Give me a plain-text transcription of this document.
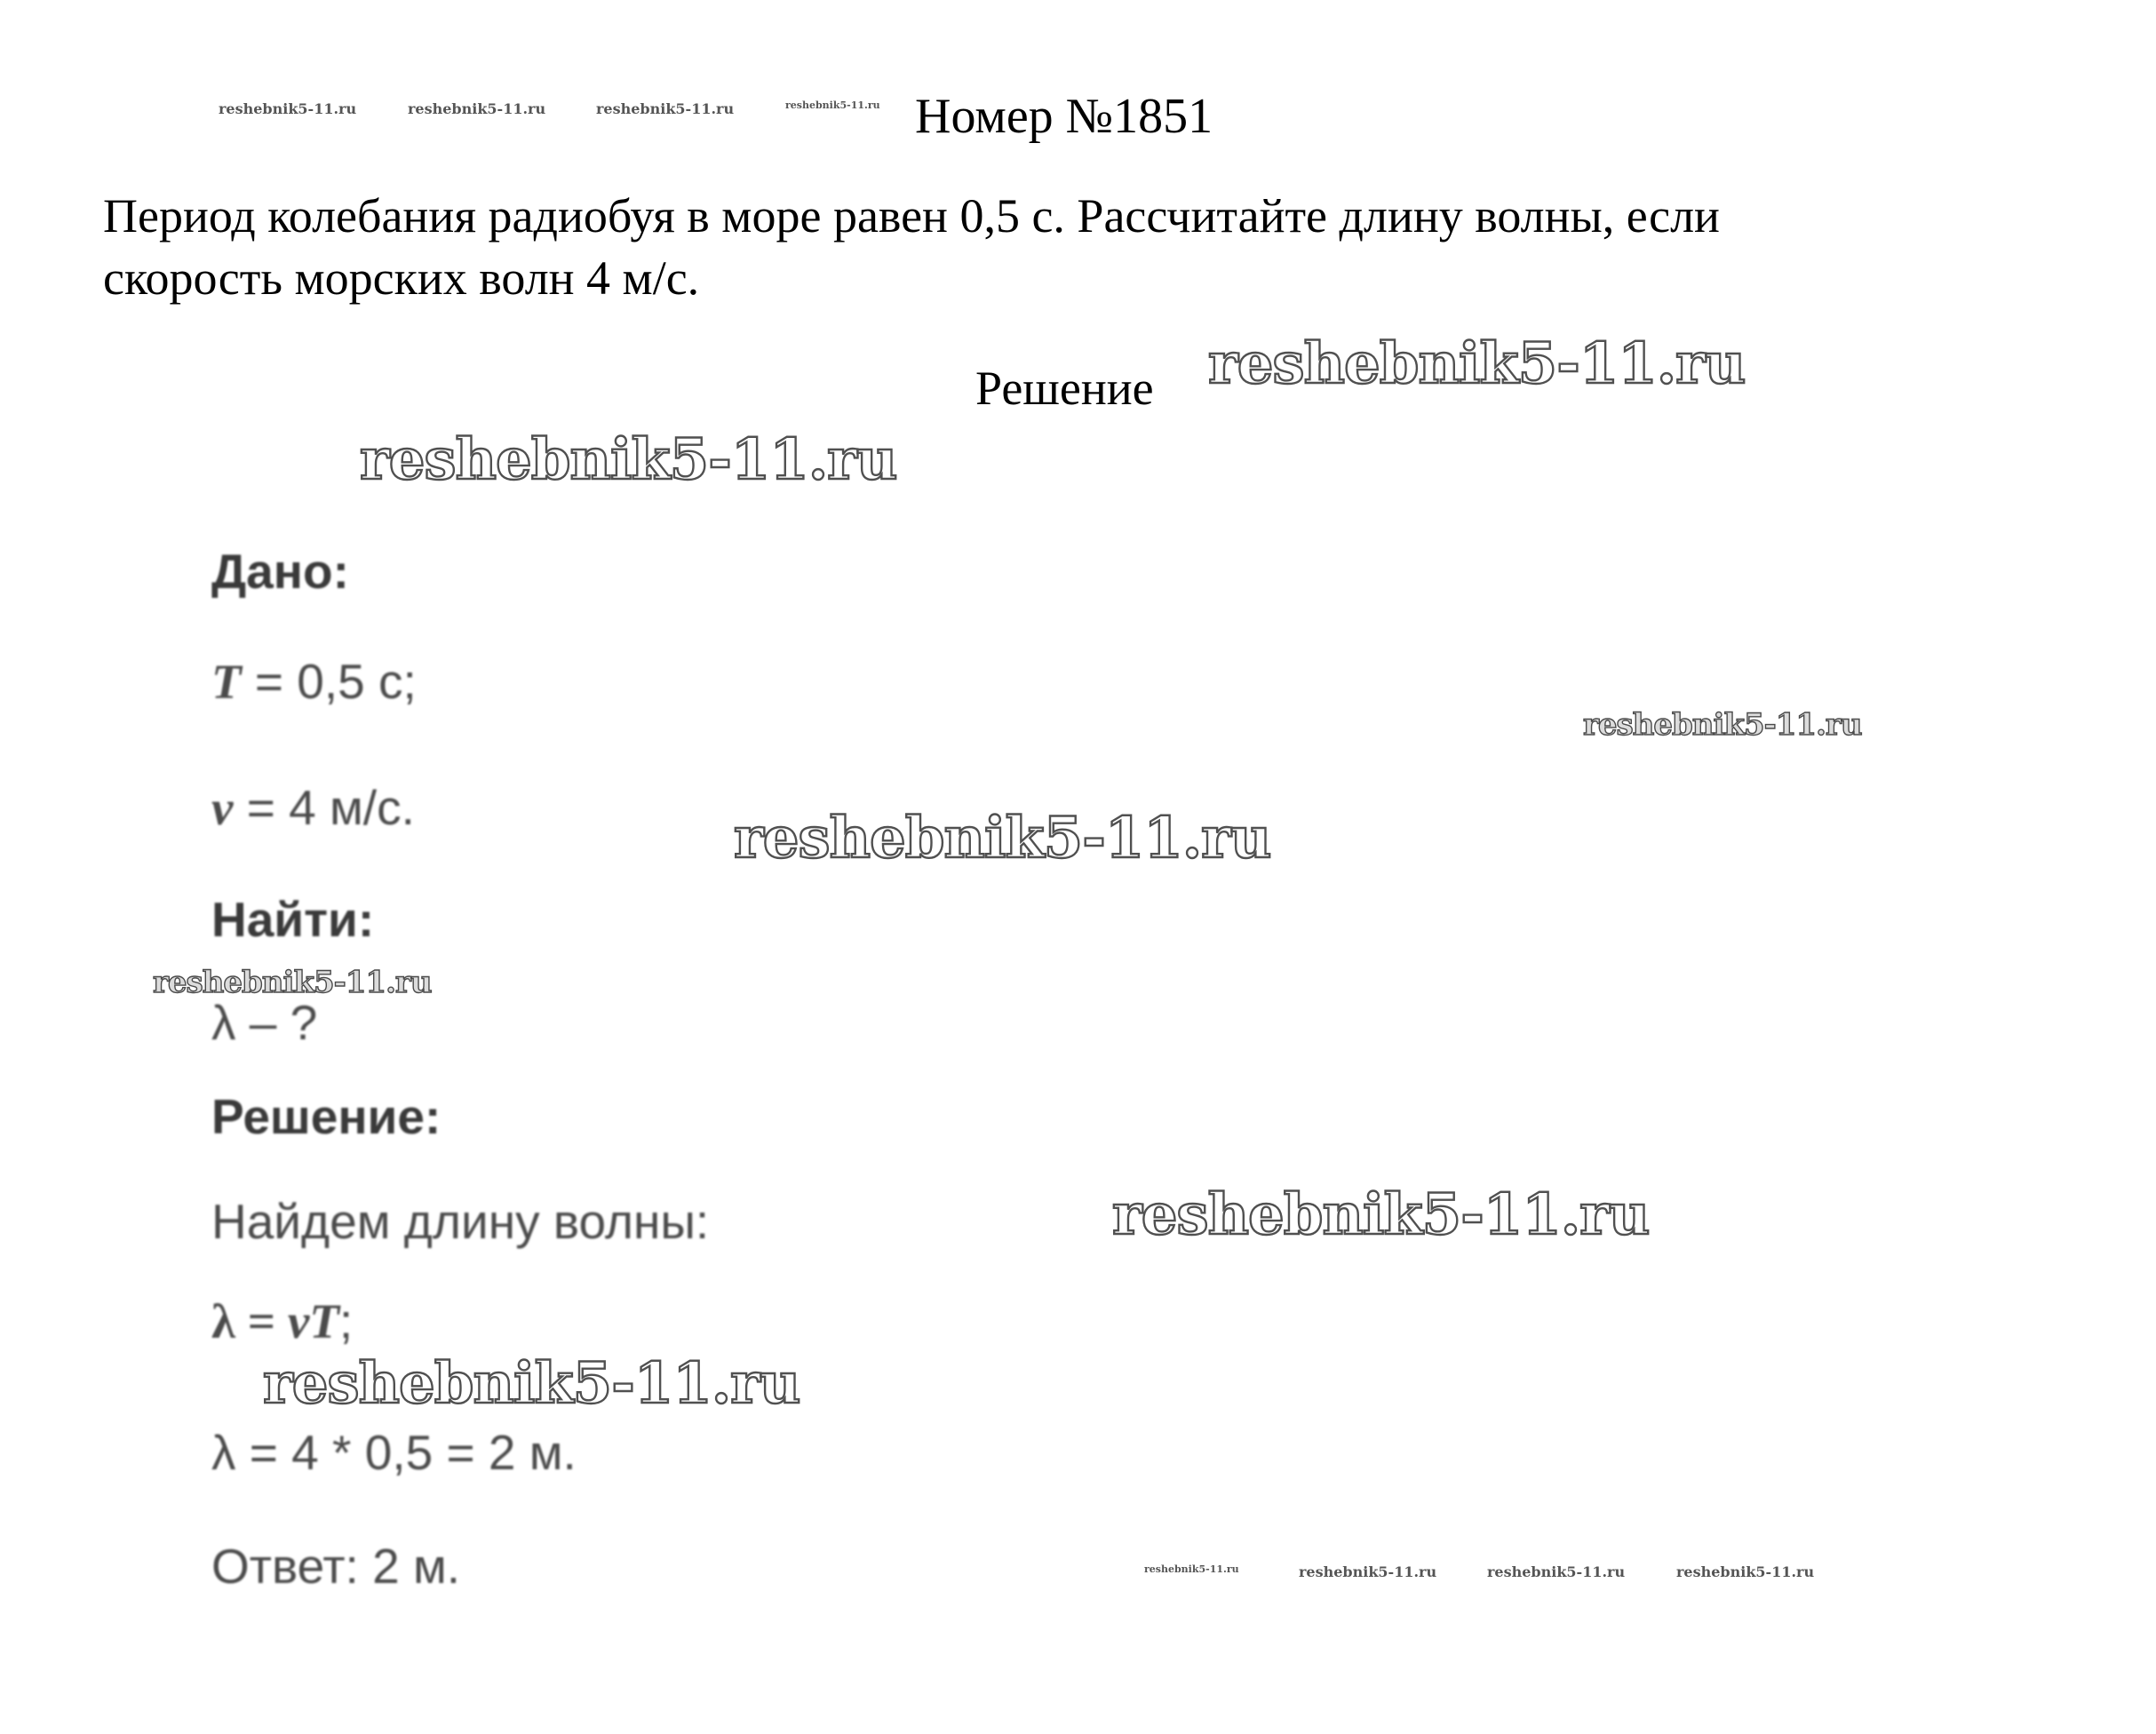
reshebnik5-11.ru	reshebnik5-11.ru	reshebnik5-11.ru	reshebnik5-11.ru Номер №1851
Период колебания радиобуя в море равен 0,5 с. Рассчитайте длину волны, если
скорость морских волн 4 м/с.
Решение reshebnik5-11.ru
reshebnik5-11.ru
Дано:
T = 0,5 с;
reshebnik5-11.ru
v = 4 м/с.	reshebnik5-11.ru
Найти:
reshebnik5-11.ru
λ – ?
Решение:
Найдем длину волны:	reshebnik5-11.ru
λ = vT;
reshebnik5-11.ru
λ = 4 * 0,5 = 2 м.
Ответ: 2 м.	reshebnik5-11.ru	reshebnik5-11.ru	reshebnik5-11.ru	reshebnik5-11.ru
